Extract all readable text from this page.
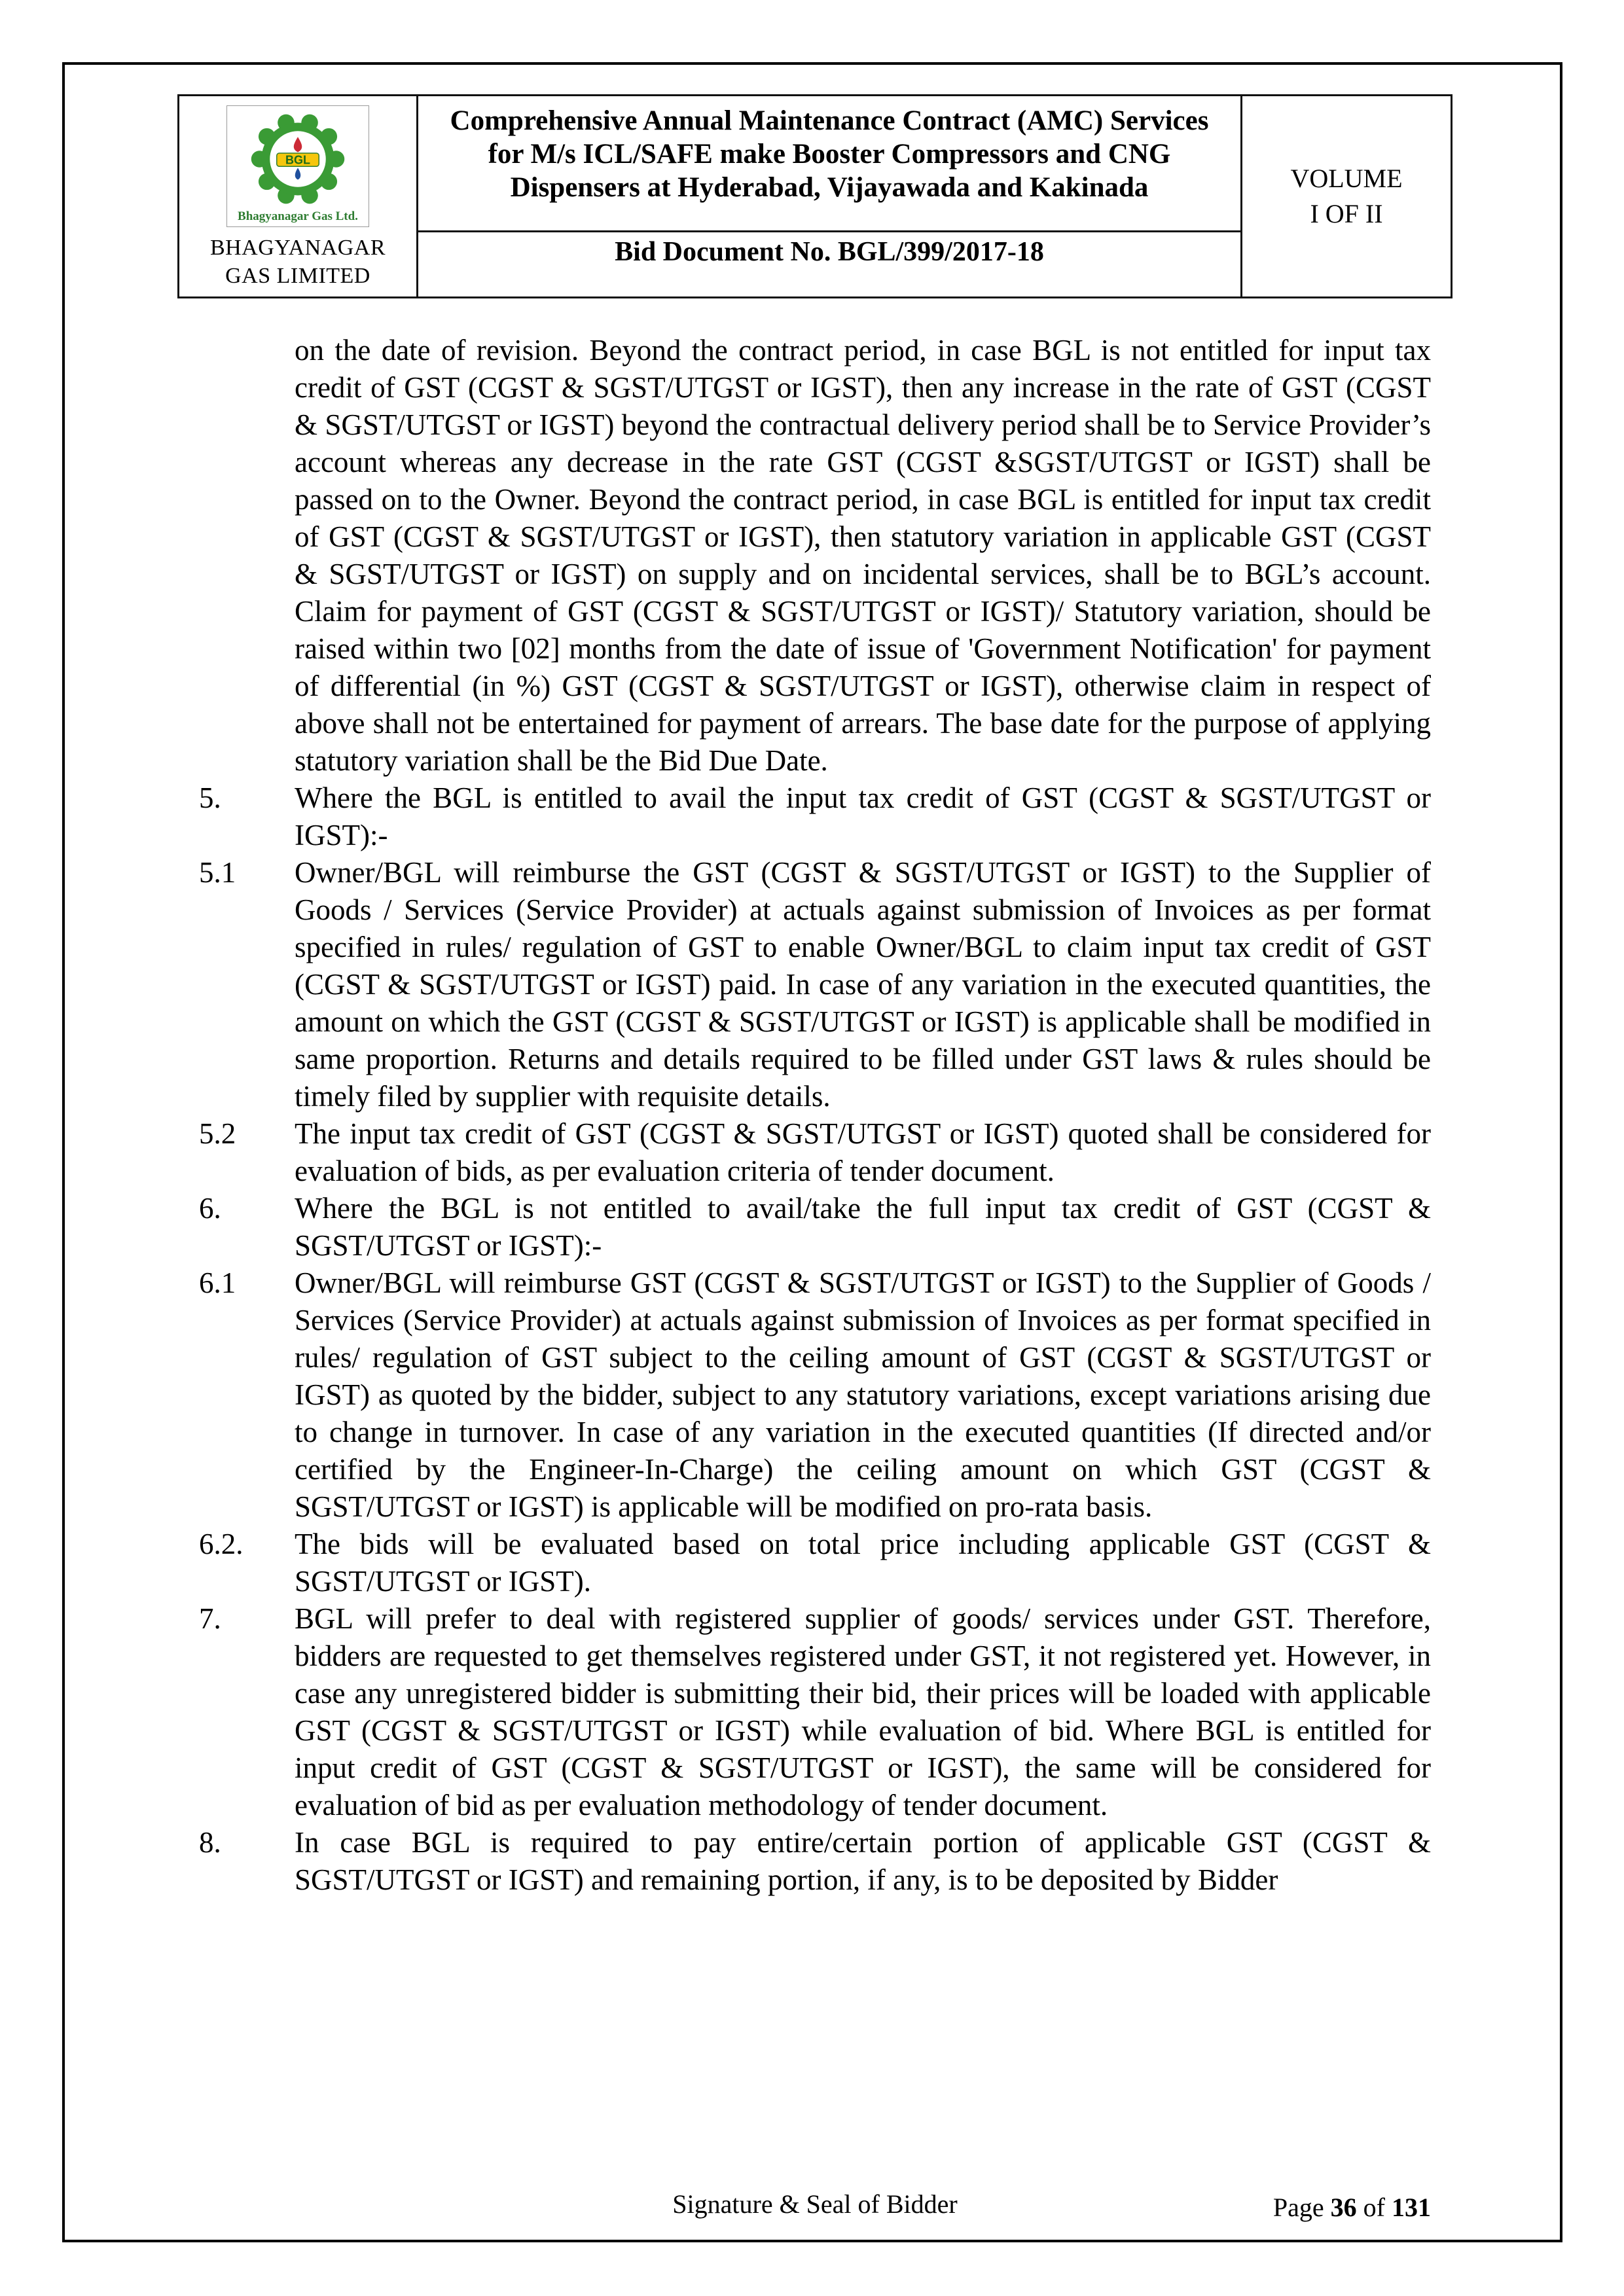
BGL
Bhagyanagar Gas Ltd.
BHAGYANAGAR
GAS LIMITED
Comprehensive Annual Maintenance Contract (AMC) Services for M/s ICL/SAFE make Booster Compressors and CNG Dispensers at Hyderabad, Vijayawada and Kakinada	VOLUME
I OF II
Bid Document No. BGL/399/2017-18
on the date of revision. Beyond the contract period, in case BGL is not entitled for input tax credit of GST (CGST & SGST/UTGST or IGST), then any increase in the rate of GST (CGST & SGST/UTGST or IGST) beyond the contractual delivery period shall be to Service Provider’s account whereas any decrease in the rate GST (CGST &SGST/UTGST or IGST) shall be passed on to the Owner. Beyond the contract period, in case BGL is entitled for input tax credit of GST (CGST & SGST/UTGST or IGST), then statutory variation in applicable GST (CGST & SGST/UTGST or IGST) on supply and on incidental services, shall be to BGL’s account. Claim for payment of GST (CGST & SGST/UTGST or IGST)/ Statutory variation, should be raised within two [02] months from the date of issue of 'Government Notification' for payment of differential (in %) GST (CGST & SGST/UTGST or IGST), otherwise claim in respect of above shall not be entertained for payment of arrears. The base date for the purpose of applying statutory variation shall be the Bid Due Date.
5.	Where the BGL is entitled to avail the input tax credit of GST (CGST & SGST/UTGST or IGST):-
5.1	Owner/BGL will reimburse the GST (CGST & SGST/UTGST or IGST) to the Supplier of Goods / Services (Service Provider) at actuals against submission of Invoices as per format specified in rules/ regulation of GST to enable Owner/BGL to claim input tax credit of GST (CGST & SGST/UTGST or IGST) paid. In case of any variation in the executed quantities, the amount on which the GST (CGST & SGST/UTGST or IGST) is applicable shall be modified in same proportion. Returns and details required to be filled under GST laws & rules should be timely filed by supplier with requisite details.
5.2	The input tax credit of GST (CGST & SGST/UTGST or IGST) quoted shall be considered for evaluation of bids, as per evaluation criteria of tender document.
6.	Where the BGL is not entitled to avail/take the full input tax credit of GST (CGST & SGST/UTGST or IGST):-
6.1	Owner/BGL will reimburse GST (CGST & SGST/UTGST or IGST) to the Supplier of Goods / Services (Service Provider) at actuals against submission of Invoices as per format specified in rules/ regulation of GST subject to the ceiling amount of GST (CGST & SGST/UTGST or IGST) as quoted by the bidder, subject to any statutory variations, except variations arising due to change in turnover. In case of any variation in the executed quantities (If directed and/or certified by the Engineer-In-Charge) the ceiling amount on which GST (CGST & SGST/UTGST or IGST) is applicable will be modified on pro-rata basis.
6.2.	The bids will be evaluated based on total price including applicable GST (CGST & SGST/UTGST or IGST).
7.	BGL will prefer to deal with registered supplier of goods/ services under GST. Therefore, bidders are requested to get themselves registered under GST, it not registered yet. However, in case any unregistered bidder is submitting their bid, their prices will be loaded with applicable GST (CGST & SGST/UTGST or IGST) while evaluation of bid. Where BGL is entitled for input credit of GST (CGST & SGST/UTGST or IGST), the same will be considered for evaluation of bid as per evaluation methodology of tender document.
8.	In case BGL is required to pay entire/certain portion of applicable GST (CGST & SGST/UTGST or IGST) and remaining portion, if any, is to be deposited by Bidder
Signature & Seal of Bidder	Page 36 of 131
